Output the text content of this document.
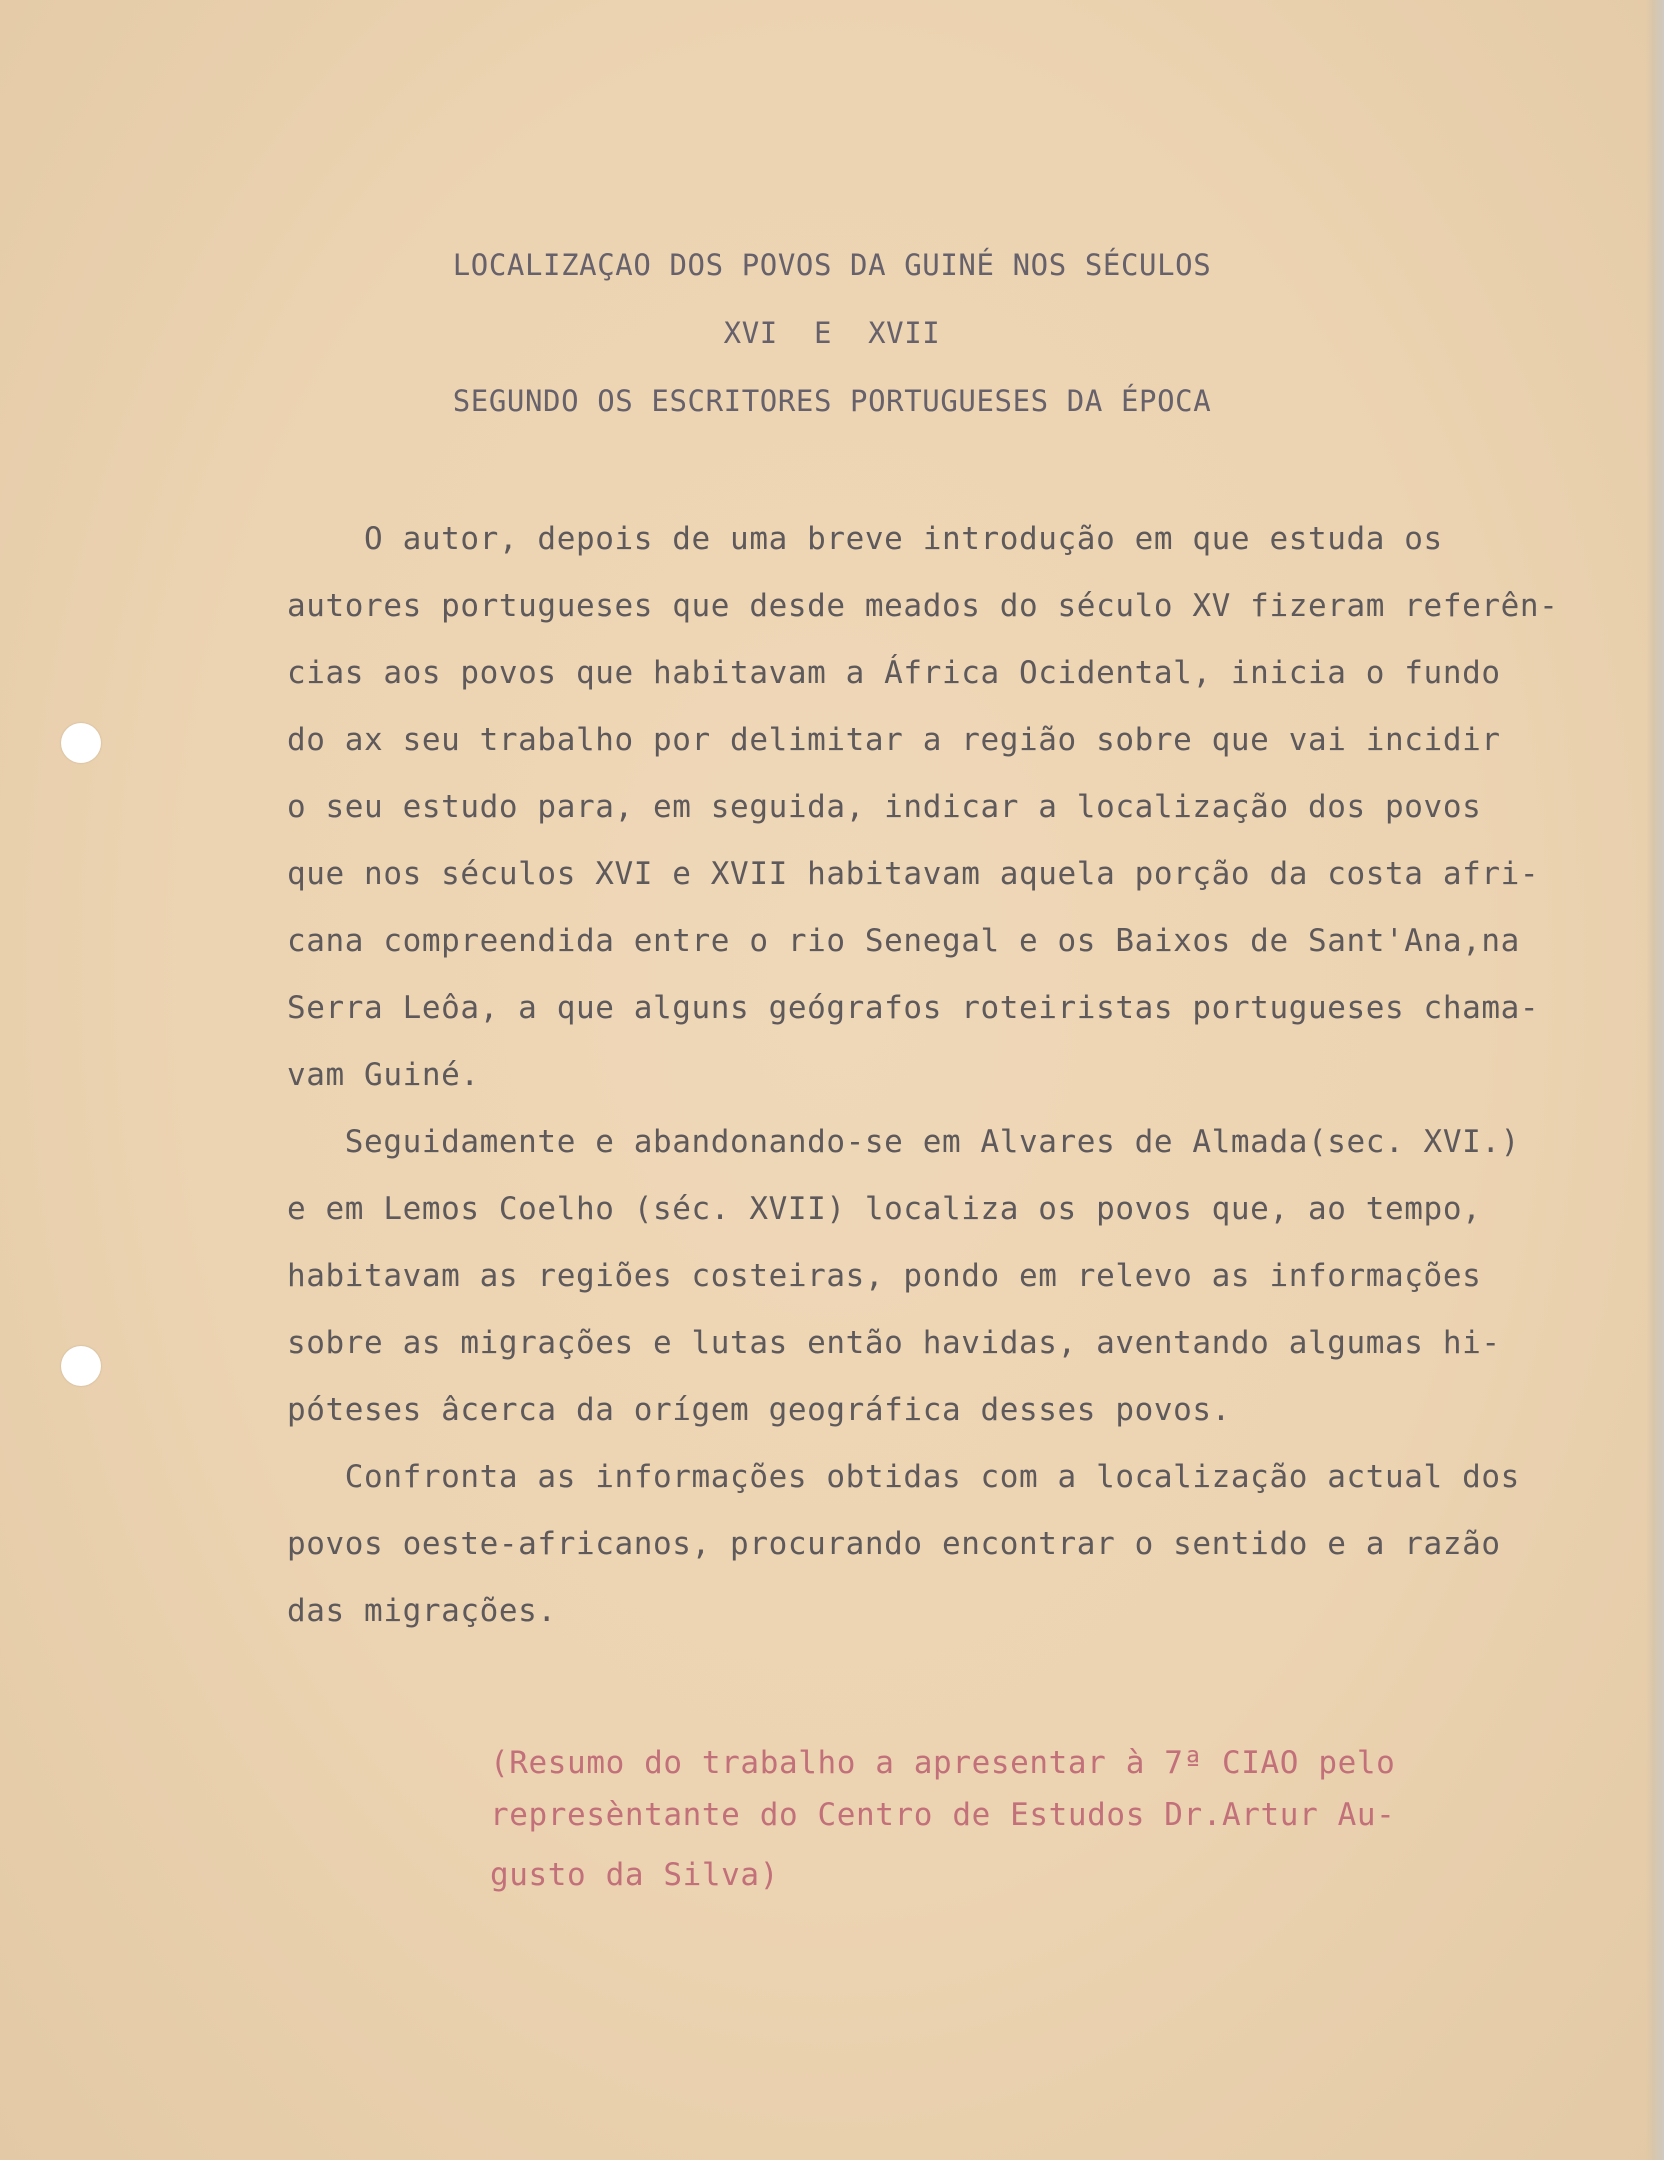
LOCALIZAÇAO DOS POVOS DA GUINÉ NOS SÉCULOS
XVI  E  XVII
SEGUNDO OS ESCRITORES PORTUGUESES DA ÉPOCA
O autor, depois de uma breve introdução em que estuda os
autores portugueses que desde meados do século XV fizeram referên-
cias aos povos que habitavam a África Ocidental, inicia o fundo
do ax seu trabalho por delimitar a região sobre que vai incidir
o seu estudo para, em seguida, indicar a localização dos povos
que nos séculos XVI e XVII habitavam aquela porção da costa afri-
cana compreendida entre o rio Senegal e os Baixos de Sant'Ana,na
Serra Leôa, a que alguns geógrafos roteiristas portugueses chama-
vam Guiné.
Seguidamente e abandonando-se em Alvares de Almada(sec. XVI.)
e em Lemos Coelho (séc. XVII) localiza os povos que, ao tempo,
habitavam as regiões costeiras, pondo em relevo as informações
sobre as migrações e lutas então havidas, aventando algumas hi-
póteses âcerca da orígem geográfica desses povos.
Confronta as informações obtidas com a localização actual dos
povos oeste-africanos, procurando encontrar o sentido e a razão
das migrações.
(Resumo do trabalho a apresentar à 7ª CIAO pelo
represèntante do Centro de Estudos Dr.Artur Au-
gusto da Silva)
